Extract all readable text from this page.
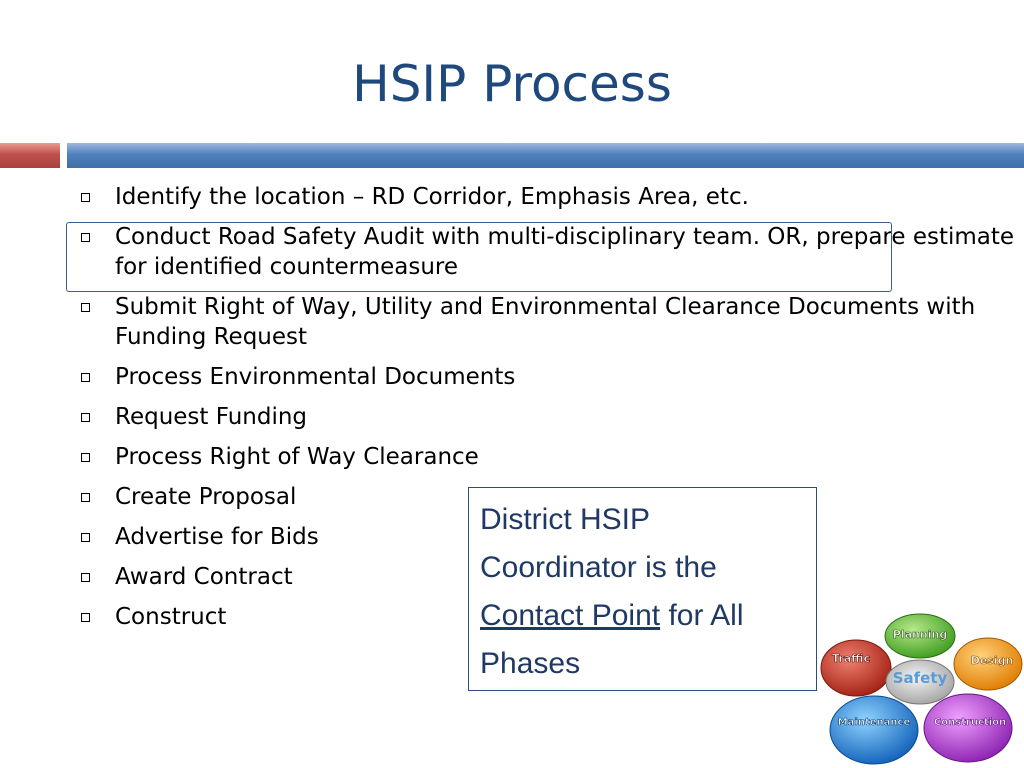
HSIP Process
Identify the location – RD Corridor, Emphasis Area, etc.
Conduct Road Safety Audit with multi-disciplinary team. OR, prepare estimate for identified countermeasure
Submit Right of Way, Utility and Environmental Clearance Documents with Funding Request
Process Environmental Documents
Request Funding
Process Right of Way Clearance
Create Proposal
Advertise for Bids
Award Contract
Construct
District HSIP Coordinator is the Contact Point for All Phases
Planning
Traffic	Design
Maintenance Construction
Safety
